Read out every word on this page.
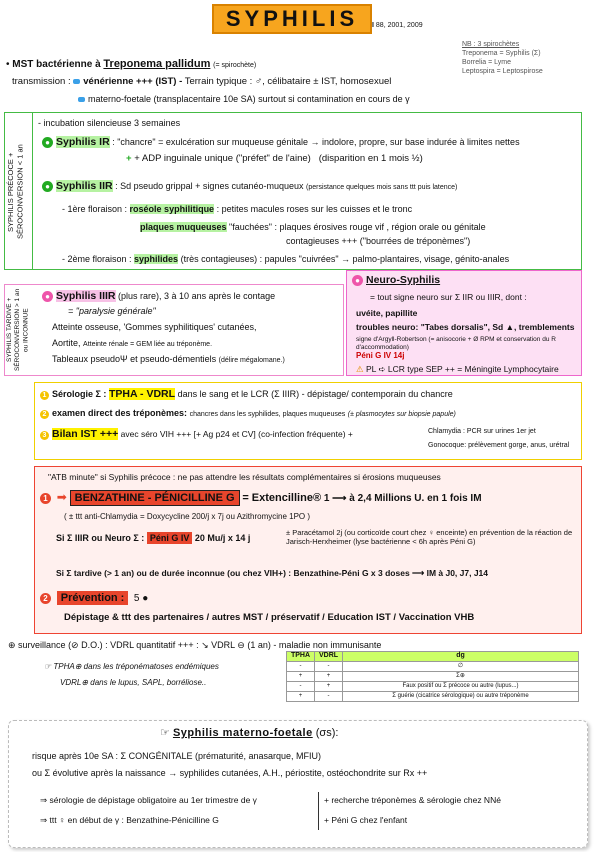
SYPHILIS I 88, 2001, 2009
NB : 3 spirochètes
Treponema = Syphilis (Σ)
Borrelia = Lyme
Leptospira = Leptospirose
• MST bactérienne à Treponema pallidum (= spirochète)
transmission : vénérienne +++ (IST) - Terrain typique : ♂, célibataire ± IST, homosexuel
materno-foetale (transplacentaire 10e SA) surtout si contamination en cours de γ
SYPHILIS PRÉCOCE + SÉROCONVERSION < 1 an
- incubation silencieuse 3 semaines
● Syphilis IR : "chancre" = exulcération sur muqueuse génitale → indolore, propre, sur base indurée à limites nettes
+ + ADP inguinale unique ("préfet" de l'aine) (disparition en 1 mois ½)
● Syphilis IIR : Sd pseudo grippal + signes cutanéo-muqueux (persistance quelques mois sans ttt puis latence)
- 1ère floraison : roséole syphilitique : petites macules roses sur les cuisses et le tronc
plaques muqueuses "fauchées" : plaques érosives rouge vif , région orale ou génitale
contagieuses +++ ("bourrées de tréponèmes")
- 2ème floraison : syphilides (très contagieuses) : papules "cuivrées" → palmo-plantaires, visage, génito-anales
SYPHILIS TARDIVE + SÉROCONVERSION > 1 an ou INCONNUE
● Syphilis IIIR (plus rare), 3 à 10 ans après le contage
= "paralysie générale"
Atteinte osseuse, 'Gommes syphilitiques' cutanées,
Aortite, Atteinte rénale = GEM liée au tréponème.
Tableaux pseudoΨ et pseudo-démentiels (délire mégalomane.)
● Neuro-Syphilis
= tout signe neuro sur Σ IIR ou IIIR, dont :
uvéite, papillite
troubles neuro: "Tabes dorsalis", Sd ▲, tremblements
signe d'Argyll-Robertson (= anisocorie + Ø RPM et conservation du R d'accommodation)
Péni G IV 14j
⚠ PL ➪ LCR type SEP ++ = Méningite Lymphocytaire
1 Sérologie Σ : TPHA - VDRL dans le sang et le LCR (Σ IIIR) - dépistage/ contemporain du chancre
2 examen direct des tréponèmes: chancres dans les syphilides, plaques muqueuses (± plasmocytes sur biopsie papule)
3 Bilan IST +++ avec séro VIH +++ [+ Ag p24 et CV] (co-infection fréquente) +	Chlamydia : PCR sur urines 1er jet
Gonocoque: prélèvement gorge, anus, urétral
"ATB minute" si Syphilis précoce : ne pas attendre les résultats complémentaires si érosions muqueuses
1 ➡ BENZATHINE - PÉNICILLINE G = Extencilline® 1 ⟶ à 2,4 Millions U. en 1 fois IM
( ± ttt anti-Chlamydia = Doxycycline 200/j x 7j ou Azithromycine 1PO )
Si Σ IIIR ou Neuro Σ : Péni G IV 20 Mu/j x 14 j
± Paracétamol 2j (ou corticoïde court chez ♀ enceinte) en prévention de la réaction de Jarisch-Herxheimer (lyse bactérienne < 6h après Péni G)
Si Σ tardive (> 1 an) ou de durée inconnue (ou chez VIH+) : Benzathine-Péni G x 3 doses ⟶ IM à J0, J7, J14
2 Prévention : 5 ●
Dépistage & ttt des partenaires / autres MST / préservatif / Education IST / Vaccination VHB
⊕ surveillance (⊘ D.O.) : VDRL quantitatif +++ : ↘ VDRL ⊖ (1 an) - maladie non immunisante
☞ TPHA⊕ dans les tréponématoses endémiques
VDRL⊕ dans le lupus, SAPL, borréliose..
TPHA	VDRL	dg
-	-	∅
+	+	Σ⊕
-	+	Faux positif ou Σ précoce ou autre (lupus...)
+	-	Σ guérie (cicatrice sérologique) ou autre tréponème
☞ Syphilis materno-foetale (σs):
risque après 10e SA : Σ CONGÉNITALE (prématurité, anasarque, MFIU)
ou Σ évolutive après la naissance → syphilides cutanées, A.H., périostite, ostéochondrite sur Rx ++
⇒ sérologie de dépistage obligatoire au 1er trimestre de γ
⇒ ttt ♀ en début de γ : Benzathine-Pénicilline G
+ recherche tréponèmes & sérologie chez NNé
+ Péni G chez l'enfant
